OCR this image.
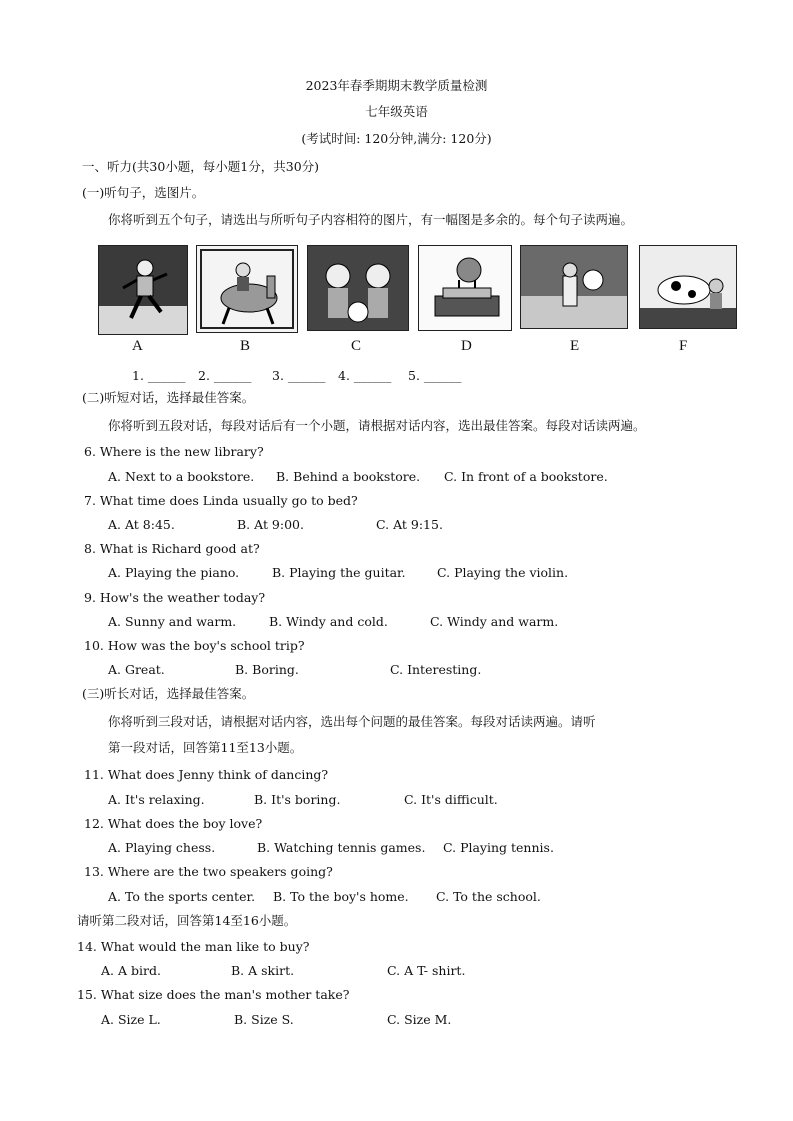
2023年春季期期末教学质量检测
七年级英语
(考试时间: 120分钟,满分: 120分)
一、听力(共30小题，每小题1分，共30分)
(一)听句子，选图片。
你将听到五个句子，请选出与所听句子内容相符的图片，有一幅图是多余的。每个句子读两遍。
A	B	C	D	E	F
1. ______ 2. ______ 3. ______ 4. ______ 5. ______
(二)听短对话，选择最佳答案。
你将听到五段对话，每段对话后有一个小题，请根据对话内容，选出最佳答案。每段对话读两遍。
6. Where is the new library?
A. Next to a bookstore. B. Behind a bookstore. C. In front of a bookstore.
7. What time does Linda usually go to bed?
A. At 8:45.	B. At 9:00.	C. At 9:15.
8. What is Richard good at?
A. Playing the piano.	B. Playing the guitar.	C. Playing the violin.
9. How's the weather today?
A. Sunny and warm.	B. Windy and cold.	C. Windy and warm.
10. How was the boy's school trip?
A. Great.	B. Boring.	C. Interesting.
(三)听长对话，选择最佳答案。
你将听到三段对话，请根据对话内容，选出每个问题的最佳答案。每段对话读两遍。请听
第一段对话，回答第11至13小题。
11. What does Jenny think of dancing?
A. It's relaxing.	B. It's boring.	C. It's difficult.
12. What does the boy love?
A. Playing chess.	B. Watching tennis games. C. Playing tennis.
13. Where are the two speakers going?
A. To the sports center. B. To the boy's home. C. To the school.
请听第二段对话，回答第14至16小题。
14. What would the man like to buy?
A. A bird.	B. A skirt.	C. A T- shirt.
15. What size does the man's mother take?
A. Size L.	B. Size S.	C. Size M.
